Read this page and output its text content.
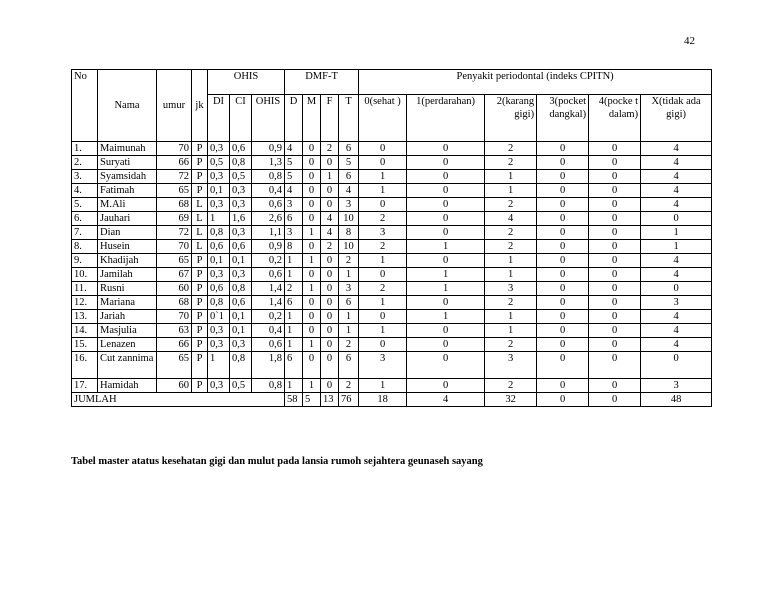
42
No	Nama	umur	jk	OHIS			DMF-T				Penyakit periodontal (indeks CPITN)					
				DI	CI	OHIS	D	M	F	T	0(sehat )	1(perdarahan)	2(karang gigi)	3(pocket dangkal)	4(pocke t dalam)	X(tidak ada gigi)
1.	Maimunah	70	P	0,3	0,6	0,9	4	0	2	6	0	0	2	0	0	4
2.	Suryati	66	P	0,5	0,8	1,3	5	0	0	5	0	0	2	0	0	4
3.	Syamsidah	72	P	0,3	0,5	0,8	5	0	1	6	1	0	1	0	0	4
4.	Fatimah	65	P	0,1	0,3	0,4	4	0	0	4	1	0	1	0	0	4
5.	M.Ali	68	L	0,3	0,3	0,6	3	0	0	3	0	0	2	0	0	4
6.	Jauhari	69	L	1	1,6	2,6	6	0	4	10	2	0	4	0	0	0
7.	Dian	72	L	0,8	0,3	1,1	3	1	4	8	3	0	2	0	0	1
8.	Husein	70	L	0,6	0,6	0,9	8	0	2	10	2	1	2	0	0	1
9.	Khadijah	65	P	0,1	0,1	0,2	1	1	0	2	1	0	1	0	0	4
10.	Jamilah	67	P	0,3	0,3	0,6	1	0	0	1	0	1	1	0	0	4
11.	Rusni	60	P	0,6	0,8	1,4	2	1	0	3	2	1	3	0	0	0
12.	Mariana	68	P	0,8	0,6	1,4	6	0	0	6	1	0	2	0	0	3
13.	Jariah	70	P	0`1	0,1	0,2	1	0	0	1	0	1	1	0	0	4
14.	Masjulia	63	P	0,3	0,1	0,4	1	0	0	1	1	0	1	0	0	4
15.	Lenazen	66	P	0,3	0,3	0,6	1	1	0	2	0	0	2	0	0	4
16.	Cut zannima	65	P	1	0,8	1,8	6	0	0	6	3	0	3	0	0	0
17.	Hamidah	60	P	0,3	0,5	0,8	1	1	0	2	1	0	2	0	0	3
JUMLAH							58	5	13	76	18	4	32	0	0	48
Tabel master atatus kesehatan gigi dan mulut pada lansia rumoh sejahtera geunaseh sayang
